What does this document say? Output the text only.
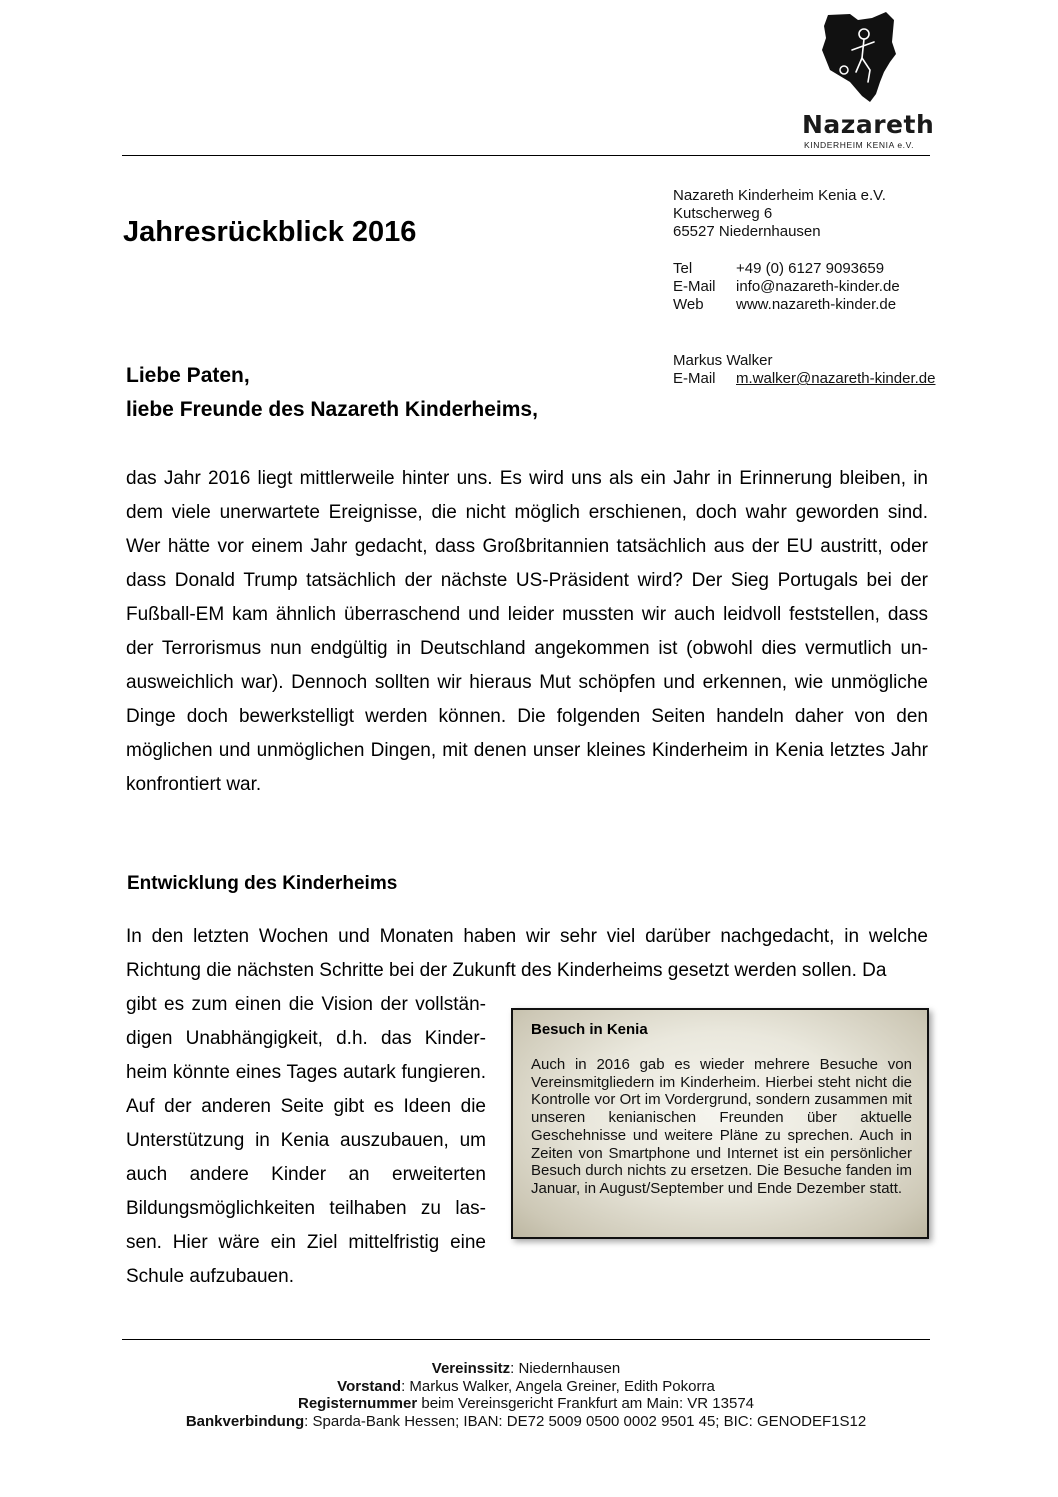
Nazareth
KINDERHEIM KENIA e.V.
Jahresrückblick 2016
Nazareth Kinderheim Kenia e.V.
Kutscherweg 6
65527 Niedernhausen
Tel	+49 (0) 6127 9093659
E-Mail info@nazareth-kinder.de
Web www.nazareth-kinder.de
Markus Walker
E-Mail m.walker@nazareth-kinder.de
Liebe Paten,
liebe Freunde des Nazareth Kinderheims,
das Jahr 2016 liegt mittlerweile hinter uns. Es wird uns als ein Jahr in Erinnerung bleiben, in dem viele unerwartete Ereignisse, die nicht möglich erschienen, doch wahr geworden sind. Wer hätte vor einem Jahr gedacht, dass Großbritannien tatsächlich aus der EU austritt, oder dass Donald Trump tatsächlich der nächste US-Präsident wird? Der Sieg Portugals bei der Fußball-EM kam ähnlich überraschend und leider mussten wir auch leidvoll feststellen, dass der Terrorismus nun endgültig in Deutschland angekommen ist (obwohl dies vermutlich unausweichlich war). Dennoch sollten wir hieraus Mut schöpfen und erkennen, wie unmögliche Dinge doch bewerkstelligt werden können. Die folgenden Seiten handeln daher von den möglichen und unmöglichen Dingen, mit denen unser kleines Kinderheim in Kenia letztes Jahr konfrontiert war.
Entwicklung des Kinderheims
In den letzten Wochen und Monaten haben wir sehr viel darüber nachgedacht, in welche Richtung die nächsten Schritte bei der Zukunft des Kinderheims gesetzt werden sollen. Da
gibt es zum einen die Vision der vollständigen Unabhängigkeit, d.h. das Kinderheim könnte eines Tages autark fungieren. Auf der anderen Seite gibt es Ideen die Unterstützung in Kenia auszubauen, um auch andere Kinder an erweiterten Bildungsmöglichkeiten teilhaben zu lassen. Hier wäre ein Ziel mittelfristig eine Schule aufzubauen.
Besuch in Kenia
Auch in 2016 gab es wieder mehrere Besuche von Vereinsmitgliedern im Kinderheim. Hierbei steht nicht die Kontrolle vor Ort im Vordergrund, sondern zusammen mit unseren kenianischen Freunden über aktuelle Geschehnisse und weitere Pläne zu sprechen. Auch in Zeiten von Smartphone und Internet ist ein persönlicher Besuch durch nichts zu ersetzen. Die Besuche fanden im Januar, in August/September und Ende Dezember statt.
Vereinssitz: Niedernhausen
Vorstand: Markus Walker, Angela Greiner, Edith Pokorra
Registernummer beim Vereinsgericht Frankfurt am Main: VR 13574
Bankverbindung: Sparda-Bank Hessen; IBAN: DE72 5009 0500 0002 9501 45; BIC: GENODEF1S12
